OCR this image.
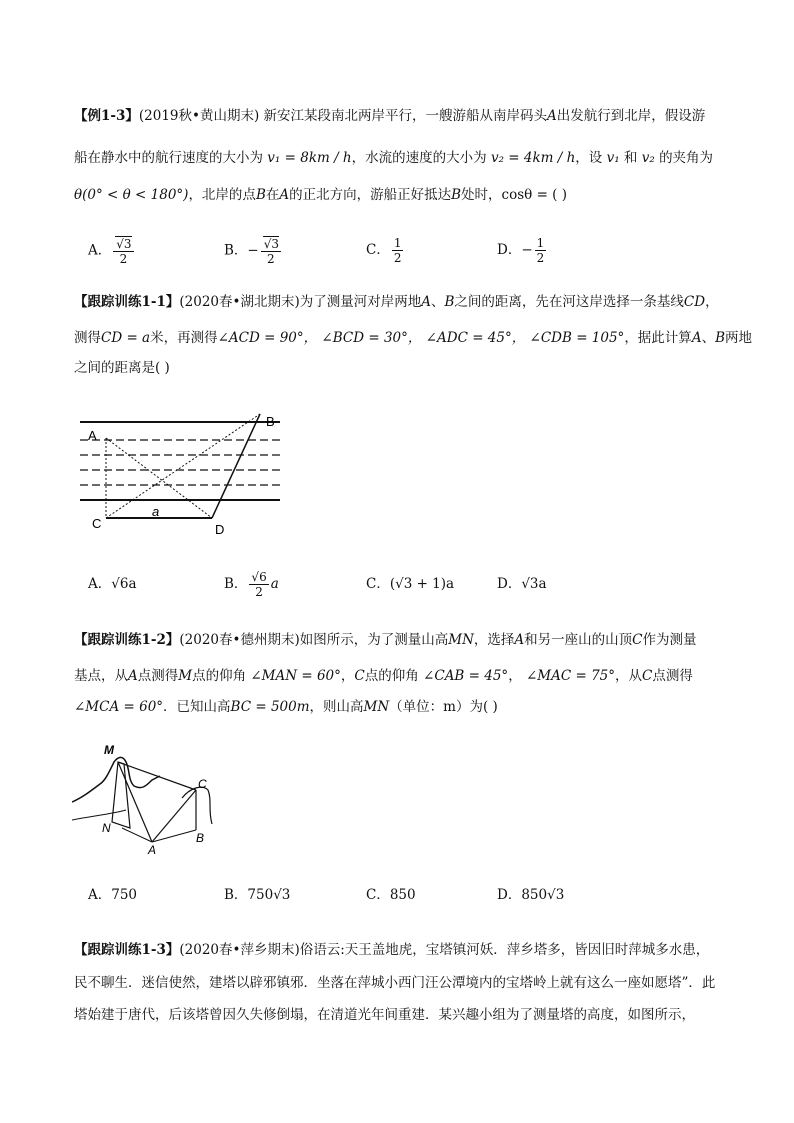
【例1-3】(2019秋•黄山期末) 新安江某段南北两岸平行，一艘游船从南岸码头A出发航行到北岸，假设游
船在静水中的航行速度的大小为 v₁ = 8km / h，水流的速度的大小为 v₂ = 4km / h，设 v₁ 和 v₂ 的夹角为
θ(0° < θ < 180°)，北岸的点B在A的正北方向，游船正好抵达B处时，cosθ = ( )
A． $\frac{√3}{2}$	B．− $\frac{√3}{2}$	C． $\frac{1}{2}$	D．− $\frac{1}{2}$
【跟踪训练1-1】(2020春•湖北期末)为了测量河对岸两地A、B之间的距离，先在河这岸选择一条基线CD，
测得CD = a米，再测得∠ACD = 90°， ∠BCD = 30°， ∠ADC = 45°， ∠CDB = 105°，据此计算A、B两地
之间的距离是( )
A
B
C	D
a
A．√6a	B． $\frac{√6}{2}$ a	C．(√3 + 1)a	D．√3a
【跟踪训练1-2】(2020春•德州期末)如图所示，为了测量山高MN，选择A和另一座山的山顶C作为测量
基点，从A点测得M点的仰角 ∠MAN = 60°，C点的仰角 ∠CAB = 45°， ∠MAC = 75°，从C点测得
∠MCA = 60°．已知山高BC = 500m，则山高MN（单位：m）为( )
M
N
A
B
C
A．750	B．750√3	C．850	D．850√3
【跟踪训练1-3】(2020春•萍乡期末)俗语云:天王盖地虎，宝塔镇河妖．萍乡塔多，皆因旧时萍城多水患，
民不聊生．迷信使然，建塔以辟邪镇邪．坐落在萍城小西门汪公潭境内的宝塔岭上就有这么一座如愿塔”．此
塔始建于唐代，后该塔曾因久失修倒塌，在清道光年间重建．某兴趣小组为了测量塔的高度，如图所示，
